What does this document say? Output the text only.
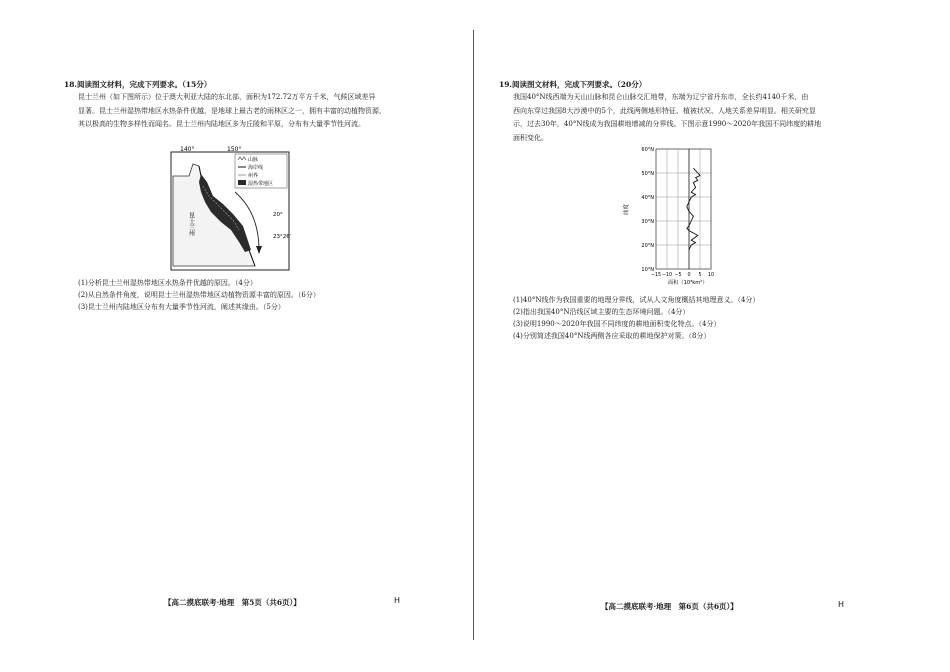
18.阅读图文材料，完成下列要求。（15分）
昆士兰州（如下图所示）位于澳大利亚大陆的东北部，面积为172.72万平方千米，气候区域差异
显著。昆士兰州湿热带地区水热条件优越，是地球上最古老的雨林区之一，拥有丰富的动植物资源，
其以极高的生物多样性而闻名。昆士兰州内陆地区多为丘陵和平原，分布有大量季节性河流。
140°	150°
20°
23°26′
昆士兰州
山脉
海岸线
州界
湿热带地区
(1)分析昆士兰州湿热带地区水热条件优越的原因。（4分）
(2)从自然条件角度，说明昆士兰州湿热带地区动植物资源丰富的原因。（6分）
(3)昆士兰州内陆地区分布有大量季节性河流，阐述其缘由。（5分）
【高二摸底联考·地理　第5页（共6页）】	H
19.阅读图文材料，完成下列要求。（20分）
我国40°N线西端为天山山脉和昆仑山脉交汇地带，东端为辽宁省丹东市，全长约4140千米，由
西向东穿过我国8大沙漠中的5个，此线两侧地形特征、植被状况、人地关系差异明显。相关研究显
示，过去30年，40°N线成为我国耕地增减的分界线。下图示意1990～2020年我国不同纬度的耕地
面积变化。
10°N
20°N
30°N
40°N
50°N
60°N
−15 −10 −5 0 5 10
纬度
面积（10³km²）
(1)40°N线作为我国重要的地理分界线，试从人文角度概括其地理意义。（4分）
(2)指出我国40°N沿线区域主要的生态环境问题。（4分）
(3)说明1990～2020年我国不同纬度的耕地面积变化特点。（4分）
(4)分别简述我国40°N线两侧各应采取的耕地保护对策。（8分）
【高二摸底联考·地理　第6页（共6页）】	H
